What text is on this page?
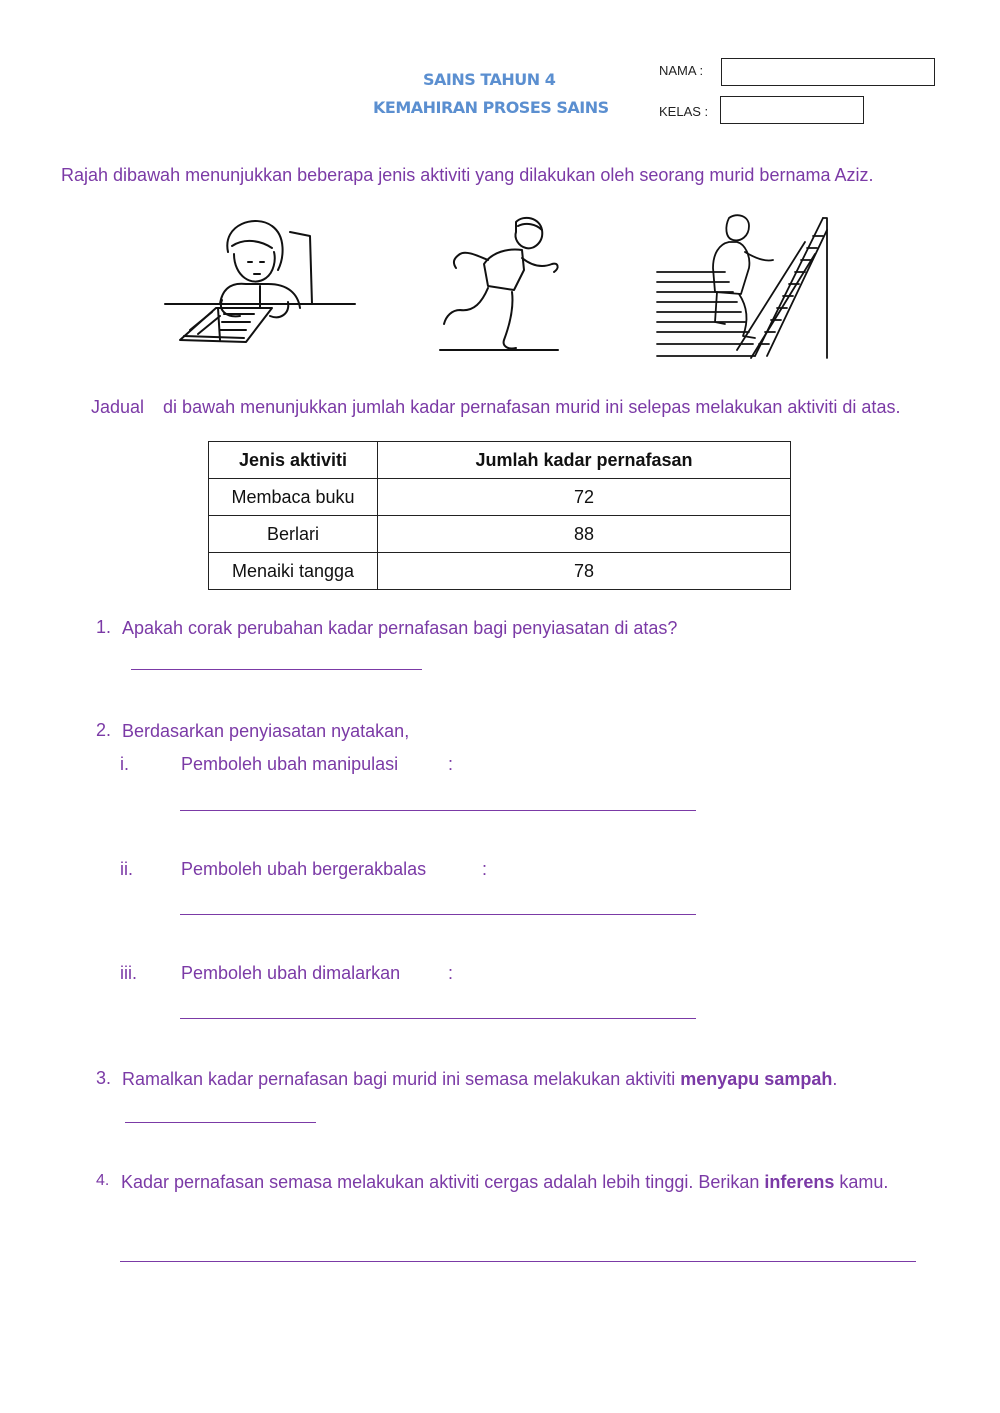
SAINS TAHUN 4
KEMAHIRAN PROSES SAINS
NAMA :
KELAS :
Rajah dibawah menunjukkan beberapa jenis aktiviti yang dilakukan oleh seorang murid bernama Aziz.
Jadual di bawah menunjukkan jumlah kadar pernafasan murid ini selepas melakukan aktiviti di atas.
Jenis aktiviti	Jumlah kadar pernafasan
Membaca buku	72
Berlari	88
Menaiki tangga	78
1. Apakah corak perubahan kadar pernafasan bagi penyiasatan di atas?
2. Berdasarkan penyiasatan nyatakan,
i.	Pemboleh ubah manipulasi	:
ii.	Pemboleh ubah bergerakbalas	:
iii. Pemboleh ubah dimalarkan	:
3. Ramalkan kadar pernafasan bagi murid ini semasa melakukan aktiviti menyapu sampah.
4. Kadar pernafasan semasa melakukan aktiviti cergas adalah lebih tinggi. Berikan inferens kamu.
